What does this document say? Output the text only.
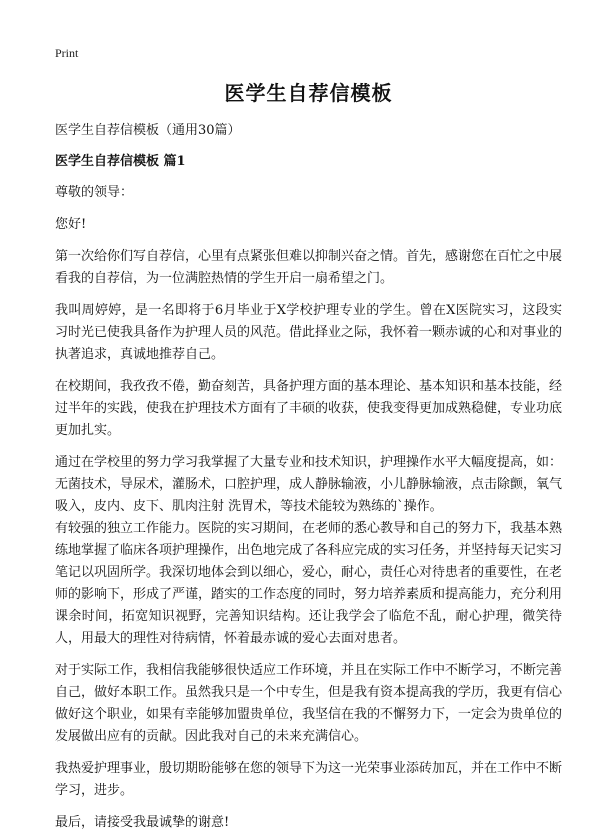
Print
医学生自荐信模板
医学生自荐信模板（通用30篇）
医学生自荐信模板 篇1

尊敬的领导：

您好!

第一次给你们写自荐信，心里有点紧张但难以抑制兴奋之情。首先，感谢您在百忙之中展看我的自荐信，为一位满腔热情的学生开启一扇希望之门。

我叫周婷婷，是一名即将于6月毕业于X学校护理专业的学生。曾在X医院实习，这段实习时光已使我具备作为护理人员的风范。借此择业之际，我怀着一颗赤诚的心和对事业的执著追求，真诚地推荐自己。

在校期间，我孜孜不倦，勤奋刻苦，具备护理方面的基本理论、基本知识和基本技能，经过半年的实践，使我在护理技术方面有了丰硕的收获，使我变得更加成熟稳健，专业功底更加扎实。

通过在学校里的努力学习我掌握了大量专业和技术知识，护理操作水平大幅度提高，如：无菌技术，导尿术，灌肠术，口腔护理，成人静脉输液，小儿静脉输液，点击除颤，氧气吸入，皮内、皮下、肌肉注射 洗胃术，等技术能较为熟练的`操作。

有较强的独立工作能力。医院的实习期间，在老师的悉心教导和自己的努力下，我基本熟练地掌握了临床各项护理操作，出色地完成了各科应完成的实习任务，并坚持每天记实习笔记以巩固所学。我深切地体会到以细心，爱心，耐心，责任心对待患者的重要性，在老师的影响下，形成了严谨，踏实的工作态度的同时，努力培养素质和提高能力，充分利用课余时间，拓宽知识视野，完善知识结构。还让我学会了临危不乱，耐心护理，微笑待人，用最大的理性对待病情，怀着最赤诚的爱心去面对患者。

对于实际工作，我相信我能够很快适应工作环境，并且在实际工作中不断学习，不断完善自己，做好本职工作。虽然我只是一个中专生，但是我有资本提高我的学历，我更有信心做好这个职业，如果有幸能够加盟贵单位，我坚信在我的不懈努力下，一定会为贵单位的发展做出应有的贡献。因此我对自己的未来充满信心。

我热爱护理事业，殷切期盼能够在您的领导下为这一光荣事业添砖加瓦，并在工作中不断学习，进步。

最后，请接受我最诚挚的谢意!
